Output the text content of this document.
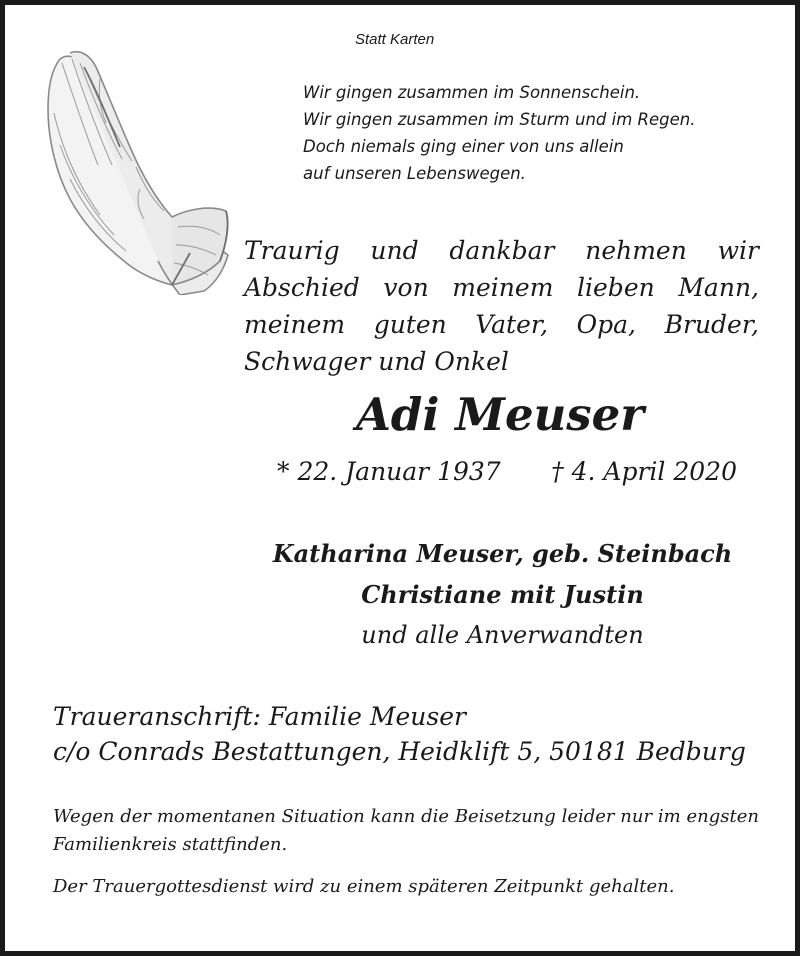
Statt Karten
Wir gingen zusammen im Sonnenschein.
Wir gingen zusammen im Sturm und im Regen.
Doch niemals ging einer von uns allein
auf unseren Lebenswegen.
Traurig und dankbar nehmen wir
Abschied von meinem lieben Mann,
meinem guten Vater, Opa, Bruder,
Schwager und Onkel
Adi Meuser
* 22. Januar 1937 † 4. April 2020
Katharina Meuser, geb. Steinbach
Christiane mit Justin
und alle Anverwandten
Traueranschrift: Familie Meuser
c/o Conrads Bestattungen, Heidklift 5, 50181 Bedburg
Wegen der momentanen Situation kann die Beisetzung leider nur im engsten Familienkreis stattfinden.
Der Trauergottesdienst wird zu einem späteren Zeitpunkt gehalten.
